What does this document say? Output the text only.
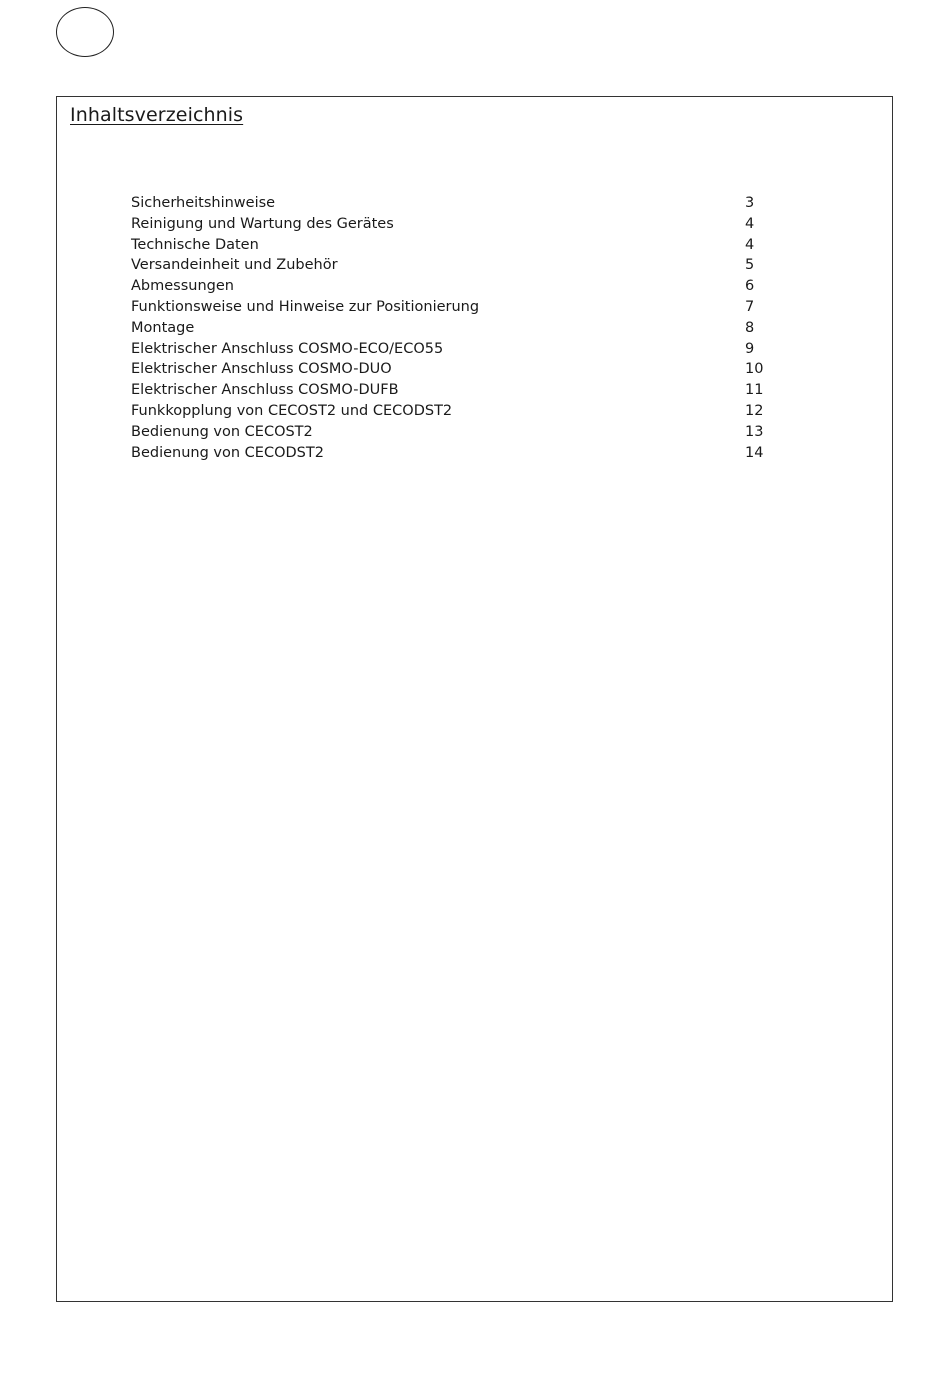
Inhaltsverzeichnis
Sicherheitshinweise	3
Reinigung und Wartung des Gerätes	4
Technische Daten	4
Versandeinheit und Zubehör	5
Abmessungen	6
Funktionsweise und Hinweise zur Positionierung	7
Montage	8
Elektrischer Anschluss COSMO-ECO/ECO55	9
Elektrischer Anschluss COSMO-DUO	10
Elektrischer Anschluss COSMO-DUFB	11
Funkkopplung von CECOST2 und CECODST2	12
Bedienung von CECOST2	13
Bedienung von CECODST2	14
